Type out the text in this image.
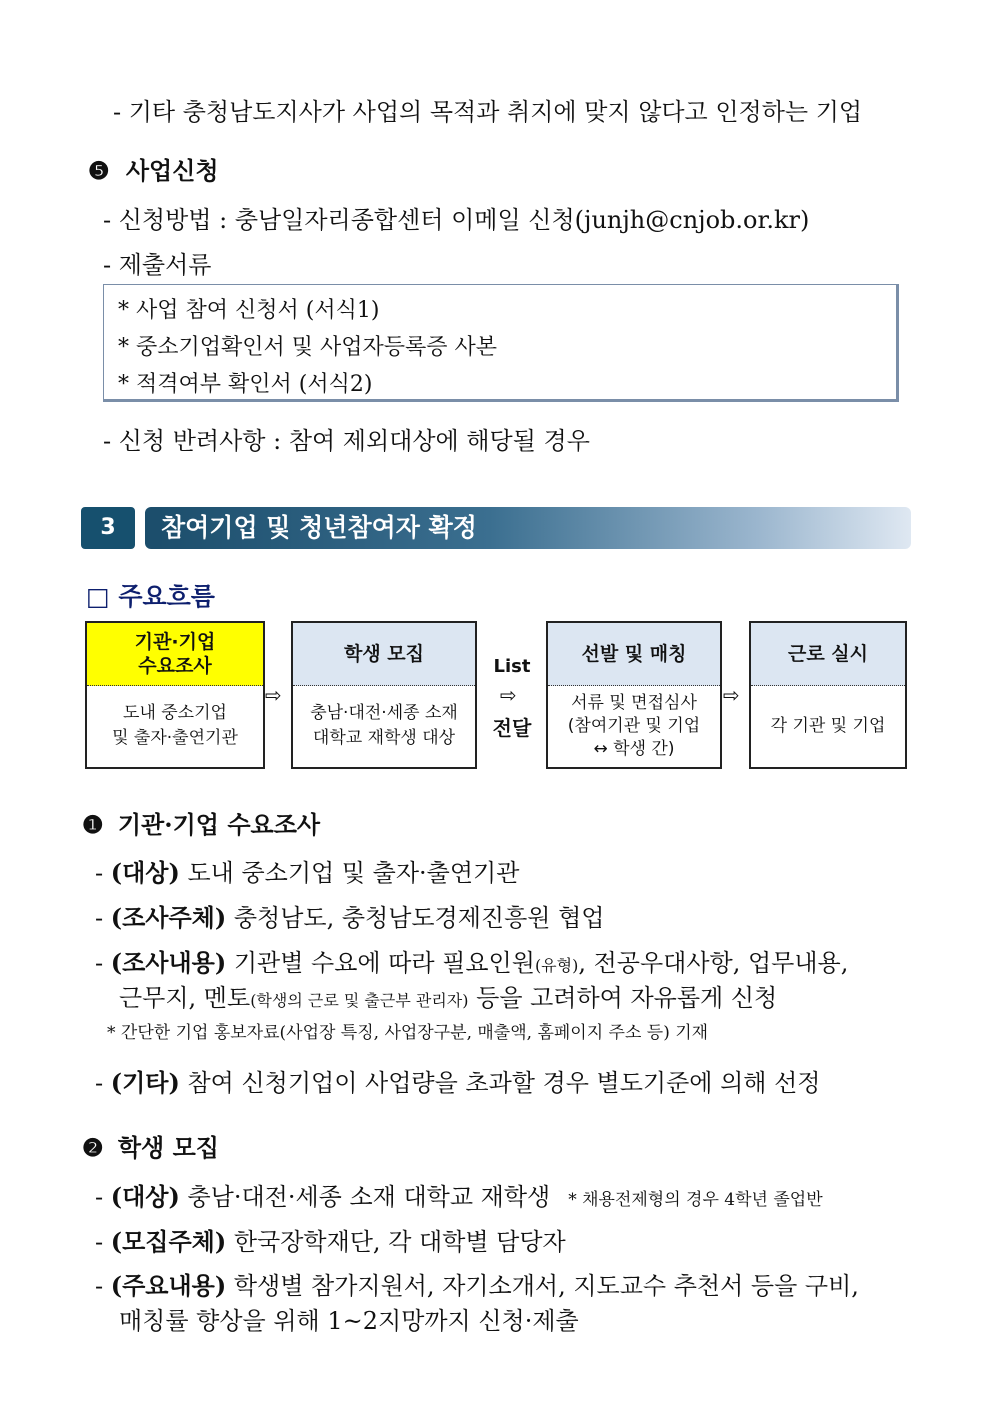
- 기타 충청남도지사가 사업의 목적과 취지에 맞지 않다고 인정하는 기업
❺ 사업신청
- 신청방법 : 충남일자리종합센터 이메일 신청(junjh@cnjob.or.kr)
- 제출서류
* 사업 참여 신청서 (서식1)
* 중소기업확인서 및 사업자등록증 사본
* 적격여부 확인서 (서식2)
- 신청 반려사항 : 참여 제외대상에 해당될 경우
3	참여기업 및 청년참여자 확정
□ 주요흐름
기관·기업
수요조사
도내 중소기업
및 출자·출연기관
⇨
학생 모집
충남·대전·세종 소재
대학교 재학생 대상
List
⇨
전달
선발 및 매칭
서류 및 면접심사
(참여기관 및 기업
↔ 학생 간)
⇨
근로 실시
각 기관 및 기업
❶ 기관·기업 수요조사
- (대상) 도내 중소기업 및 출자·출연기관
- (조사주체) 충청남도, 충청남도경제진흥원 협업
- (조사내용) 기관별 수요에 따라 필요인원(유형), 전공우대사항, 업무내용,
근무지, 멘토(학생의 근로 및 출근부 관리자) 등을 고려하여 자유롭게 신청
* 간단한 기업 홍보자료(사업장 특징, 사업장구분, 매출액, 홈페이지 주소 등) 기재
- (기타) 참여 신청기업이 사업량을 초과할 경우 별도기준에 의해 선정
❷ 학생 모집
- (대상) 충남·대전·세종 소재 대학교 재학생 * 채용전제형의 경우 4학년 졸업반
- (모집주체) 한국장학재단, 각 대학별 담당자
- (주요내용) 학생별 참가지원서, 자기소개서, 지도교수 추천서 등을 구비,
매칭률 향상을 위해 1~2지망까지 신청·제출
